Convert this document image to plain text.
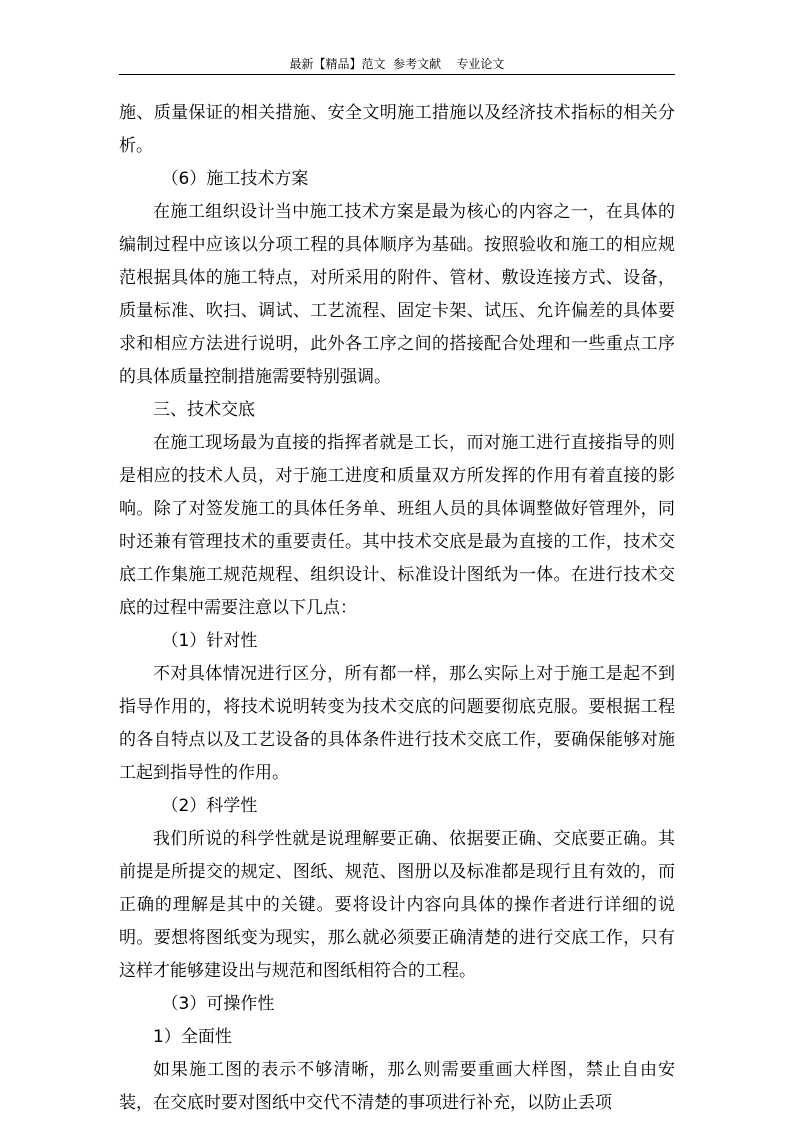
最新【精品】范文  参考文献    专业论文

施、质量保证的相关措施、安全文明施工措施以及经济技术指标的相关分析。

（6）施工技术方案

在施工组织设计当中施工技术方案是最为核心的内容之一，在具体的编制过程中应该以分项工程的具体顺序为基础。按照验收和施工的相应规范根据具体的施工特点，对所采用的附件、管材、敷设连接方式、设备，质量标准、吹扫、调试、工艺流程、固定卡架、试压、允许偏差的具体要求和相应方法进行说明，此外各工序之间的搭接配合处理和一些重点工序的具体质量控制措施需要特别强调。

三、技术交底

在施工现场最为直接的指挥者就是工长，而对施工进行直接指导的则是相应的技术人员，对于施工进度和质量双方所发挥的作用有着直接的影响。除了对签发施工的具体任务单、班组人员的具体调整做好管理外，同时还兼有管理技术的重要责任。其中技术交底是最为直接的工作，技术交底工作集施工规范规程、组织设计、标准设计图纸为一体。在进行技术交底的过程中需要注意以下几点：

（1）针对性

不对具体情况进行区分，所有都一样，那么实际上对于施工是起不到指导作用的，将技术说明转变为技术交底的问题要彻底克服。要根据工程的各自特点以及工艺设备的具体条件进行技术交底工作，要确保能够对施工起到指导性的作用。

（2）科学性

我们所说的科学性就是说理解要正确、依据要正确、交底要正确。其前提是所提交的规定、图纸、规范、图册以及标准都是现行且有效的，而正确的理解是其中的关键。要将设计内容向具体的操作者进行详细的说明。要想将图纸变为现实，那么就必须要正确清楚的进行交底工作，只有这样才能够建设出与规范和图纸相符合的工程。

（3）可操作性

1）全面性

如果施工图的表示不够清晰，那么则需要重画大样图，禁止自由安装，在交底时要对图纸中交代不清楚的事项进行补充，以防止丢项
